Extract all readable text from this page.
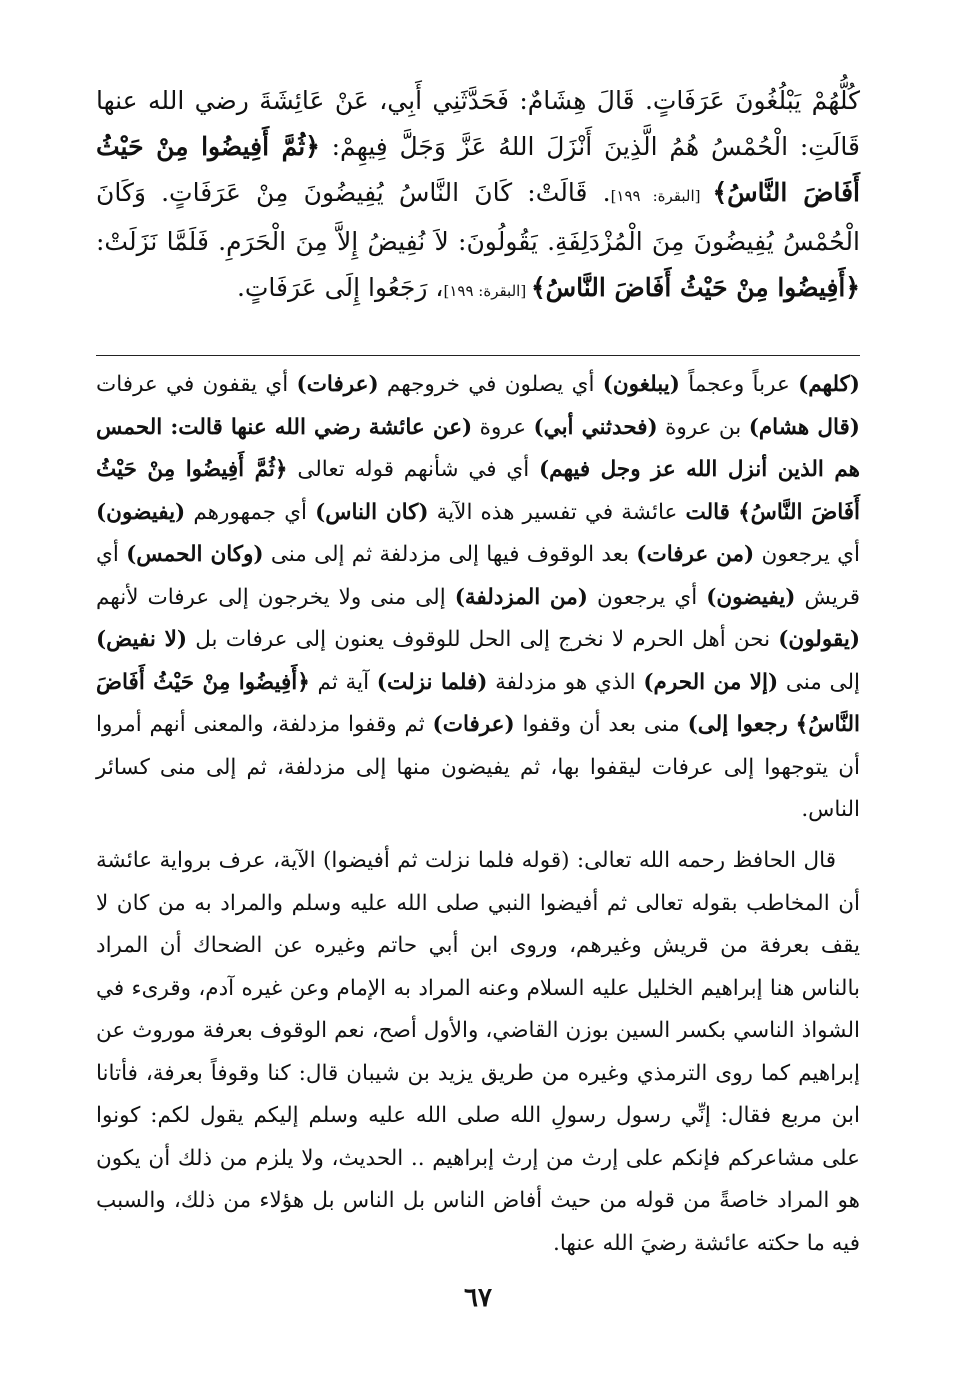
كُلُّهُمْ يَبْلُغُونَ عَرَفَاتٍ. قَالَ هِشَامٌ: فَحَدَّثَنِي أَبِي، عَنْ عَائِشَةَ رضي الله عنها قَالَتِ: الْحُمْسُ هُمُ الَّذِينَ أَنْزَلَ اللهُ عَزَّ وَجَلَّ فِيهِمْ: ﴿ثُمَّ أَفِيضُوا مِنْ حَيْثُ أَفَاضَ النَّاسُ﴾ [البقرة: ١٩٩]. قَالَتْ: كَانَ النَّاسُ يُفِيضُونَ مِنْ عَرَفَاتٍ. وَكَانَ الْحُمْسُ يُفِيضُونَ مِنَ الْمُزْدَلِفَةِ. يَقُولُونَ: لاَ نُفِيضُ إِلاَّ مِنَ الْحَرَمِ. فَلَمَّا نَزَلَتْ: ﴿أَفِيضُوا مِنْ حَيْثُ أَفَاضَ النَّاسُ﴾ [البقرة: ١٩٩]، رَجَعُوا إِلَى عَرَفَاتٍ.

(كلهم) عرباً وعجماً (يبلغون) أي يصلون في خروجهم (عرفات) أي يقفون في عرفات (قال هشام) بن عروة (فحدثني أبي) عروة (عن عائشة رضي الله عنها قالت: الحمس هم الذين أنزل الله عز وجل فيهم) أي في شأنهم قوله تعالى ﴿ثُمَّ أَفِيضُوا مِنْ حَيْثُ أَفَاضَ النَّاسُ﴾ قالت عائشة في تفسير هذه الآية (كان الناس) أي جمهورهم (يفيضون) أي يرجعون (من عرفات) بعد الوقوف فيها إلى مزدلفة ثم إلى منى (وكان الحمس) أي قريش (يفيضون) أي يرجعون (من المزدلفة) إلى منى ولا يخرجون إلى عرفات لأنهم (يقولون) نحن أهل الحرم لا نخرج إلى الحل للوقوف يعنون إلى عرفات بل (لا نفيض) إلى منى (إلا من الحرم) الذي هو مزدلفة (فلما نزلت) آية ثم ﴿أَفِيضُوا مِنْ حَيْثُ أَفَاضَ النَّاسُ﴾ رجعوا إلى) منى بعد أن وقفوا (عرفات) ثم وقفوا مزدلفة، والمعنى أنهم أمروا أن يتوجهوا إلى عرفات ليقفوا بها، ثم يفيضون منها إلى مزدلفة، ثم إلى منى كسائر الناس.

قال الحافظ رحمه الله تعالى: (قوله فلما نزلت ثم أفيضوا) الآية، عرف برواية عائشة أن المخاطب بقوله تعالى ثم أفيضوا النبي صلى الله عليه وسلم والمراد به من كان لا يقف بعرفة من قريش وغيرهم، وروى ابن أبي حاتم وغيره عن الضحاك أن المراد بالناس هنا إبراهيم الخليل عليه السلام وعنه المراد به الإمام وعن غيره آدم، وقرىء في الشواذ الناسي بكسر السين بوزن القاضي، والأول أصح، نعم الوقوف بعرفة موروث عن إبراهيم كما روى الترمذي وغيره من طريق يزيد بن شيبان قال: كنا وقوفاً بعرفة، فأتانا ابن مربع فقال: إنِّي رسول رسولِ الله صلى الله عليه وسلم إليكم يقول لكم: كونوا على مشاعركم فإنكم على إرث من إرث إبراهيم .. الحديث، ولا يلزم من ذلك أن يكون هو المراد خاصةً من قوله من حيث أفاض الناس بل الناس بل هؤلاء من ذلك، والسبب فيه ما حكته عائشة رضيَ الله عنها.

٦٧
